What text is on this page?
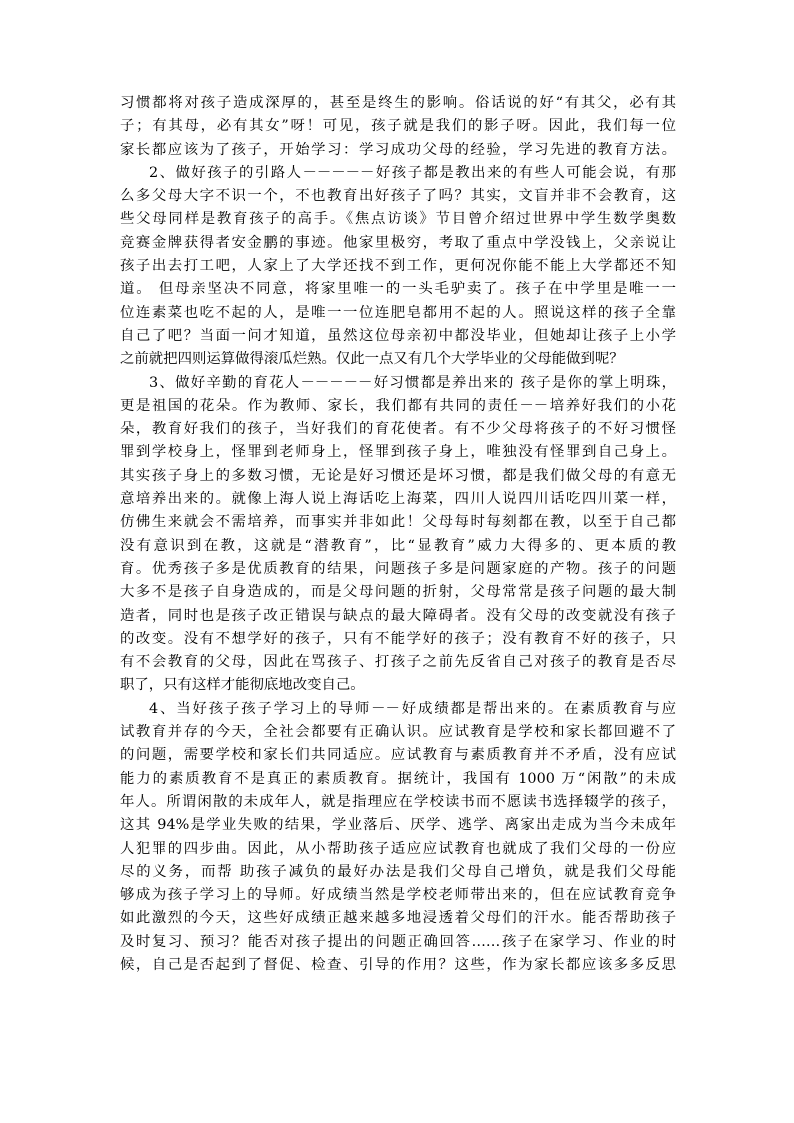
习惯都将对孩子造成深厚的，甚至是终生的影响。俗话说的好“有其父，必有其
子；有其母，必有其女”呀！可见，孩子就是我们的影子呀。因此，我们每一位
家长都应该为了孩子，开始学习：学习成功父母的经验，学习先进的教育方法。
2、做好孩子的引路人－－－－－好孩子都是教出来的有些人可能会说，有那
么多父母大字不识一个，不也教育出好孩子了吗？其实，文盲并非不会教育，这
些父母同样是教育孩子的高手。《焦点访谈》节目曾介绍过世界中学生数学奥数
竞赛金牌获得者安金鹏的事迹。他家里极穷，考取了重点中学没钱上，父亲说让
孩子出去打工吧，人家上了大学还找不到工作，更何况你能不能上大学都还不知
道。 但母亲坚决不同意，将家里唯一的一头毛驴卖了。孩子在中学里是唯一一
位连素菜也吃不起的人，是唯一一位连肥皂都用不起的人。照说这样的孩子全靠
自己了吧？当面一问才知道，虽然这位母亲初中都没毕业，但她却让孩子上小学
之前就把四则运算做得滚瓜烂熟。仅此一点又有几个大学毕业的父母能做到呢？
3、做好辛勤的育花人－－－－－好习惯都是养出来的 孩子是你的掌上明珠，
更是祖国的花朵。作为教师、家长，我们都有共同的责任－－培养好我们的小花
朵，教育好我们的孩子，当好我们的育花使者。有不少父母将孩子的不好习惯怪
罪到学校身上，怪罪到老师身上，怪罪到孩子身上，唯独没有怪罪到自己身上。
其实孩子身上的多数习惯，无论是好习惯还是坏习惯，都是我们做父母的有意无
意培养出来的。就像上海人说上海话吃上海菜，四川人说四川话吃四川菜一样，
仿佛生来就会不需培养，而事实并非如此！父母每时每刻都在教，以至于自己都
没有意识到在教，这就是“潜教育”，比“显教育”威力大得多的、更本质的教
育。优秀孩子多是优质教育的结果，问题孩子多是问题家庭的产物。孩子的问题
大多不是孩子自身造成的，而是父母问题的折射，父母常常是孩子问题的最大制
造者，同时也是孩子改正错误与缺点的最大障碍者。没有父母的改变就没有孩子
的改变。没有不想学好的孩子，只有不能学好的孩子；没有教育不好的孩子，只
有不会教育的父母，因此在骂孩子、打孩子之前先反省自己对孩子的教育是否尽
职了，只有这样才能彻底地改变自己。
4、当好孩子孩子学习上的导师－－好成绩都是帮出来的。在素质教育与应
试教育并存的今天，全社会都要有正确认识。应试教育是学校和家长都回避不了
的问题，需要学校和家长们共同适应。应试教育与素质教育并不矛盾，没有应试
能力的素质教育不是真正的素质教育。据统计，我国有 1000 万“闲散”的未成
年人。所谓闲散的未成年人，就是指理应在学校读书而不愿读书选择辍学的孩子，
这其 94%是学业失败的结果，学业落后、厌学、逃学、离家出走成为当今未成年
人犯罪的四步曲。因此，从小帮助孩子适应应试教育也就成了我们父母的一份应
尽的义务，而帮 助孩子减负的最好办法是我们父母自己增负，就是我们父母能
够成为孩子学习上的导师。好成绩当然是学校老师带出来的，但在应试教育竞争
如此激烈的今天，这些好成绩正越来越多地浸透着父母们的汗水。能否帮助孩子
及时复习、预习？能否对孩子提出的问题正确回答……孩子在家学习、作业的时
候，自己是否起到了督促、检查、引导的作用？这些，作为家长都应该多多反思
